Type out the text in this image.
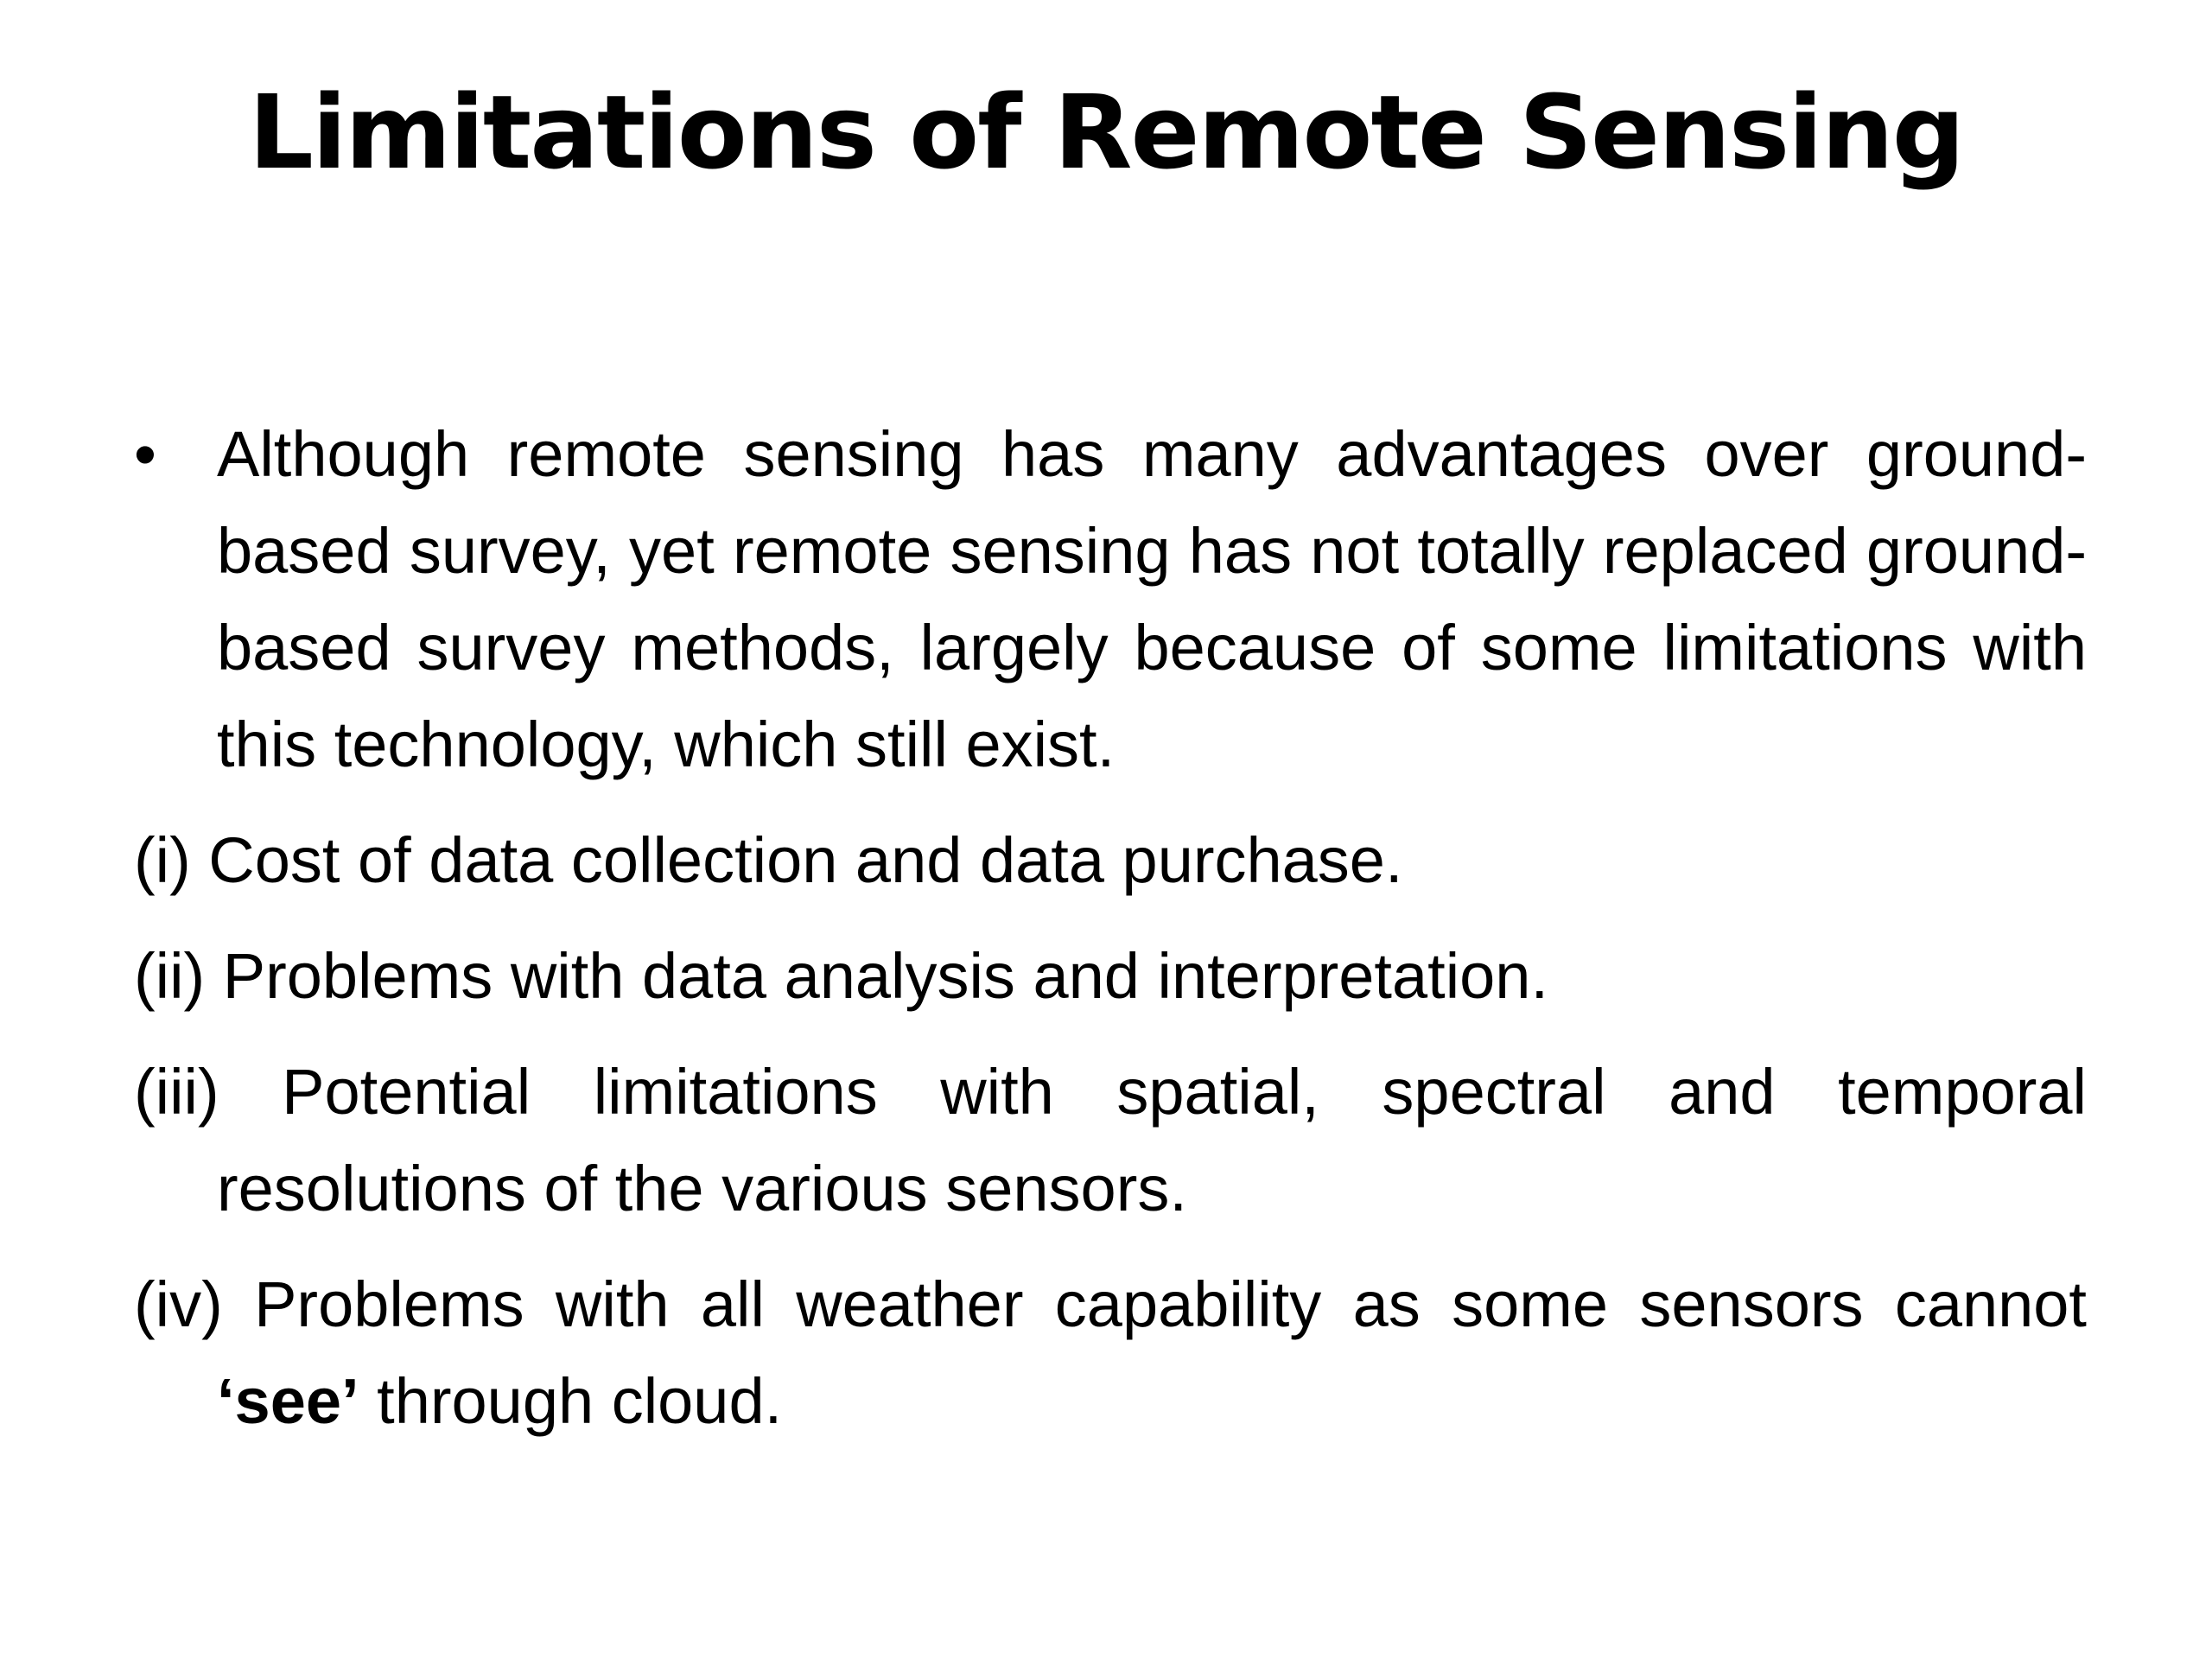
Limitations of Remote Sensing

• Although remote sensing has many advantages over ground-based survey, yet remote sensing has not totally replaced ground-based survey methods, largely because of some limitations with this technology, which still exist.

(i) Cost of data collection and data purchase.

(ii) Problems with data analysis and interpretation.

(iii) Potential limitations with spatial, spectral and temporal resolutions of the various sensors.

(iv) Problems with all weather capability as some sensors cannot ‘see’ through cloud.
